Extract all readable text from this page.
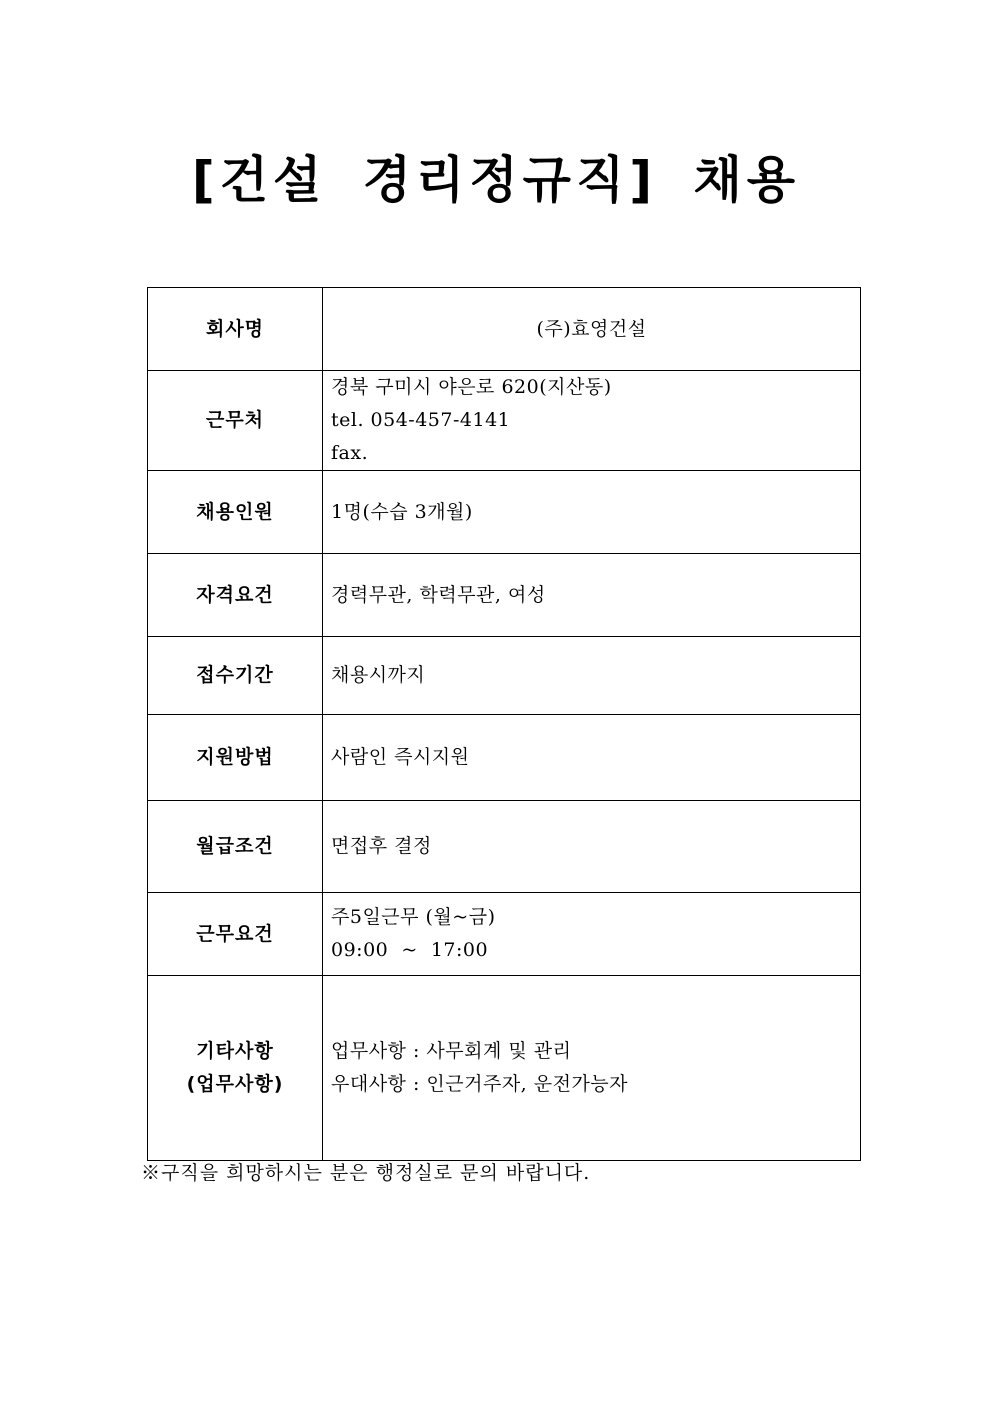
[건설 경리정규직] 채용
회사명	(주)효영건설

근무처	경북 구미시 야은로 620(지산동)
tel. 054-457-4141
fax.

채용인원	1명(수습 3개월)

자격요건	경력무관, 학력무관, 여성

접수기간	채용시까지

지원방법	사람인 즉시지원

월급조건	면접후 결정

근무요건	주5일근무 (월~금)
09:00  ~  17:00

기타사항
(업무사항)	업무사항 : 사무회계 및 관리
우대사항 : 인근거주자, 운전가능자
※구직을 희망하시는 분은 행정실로 문의 바랍니다.
